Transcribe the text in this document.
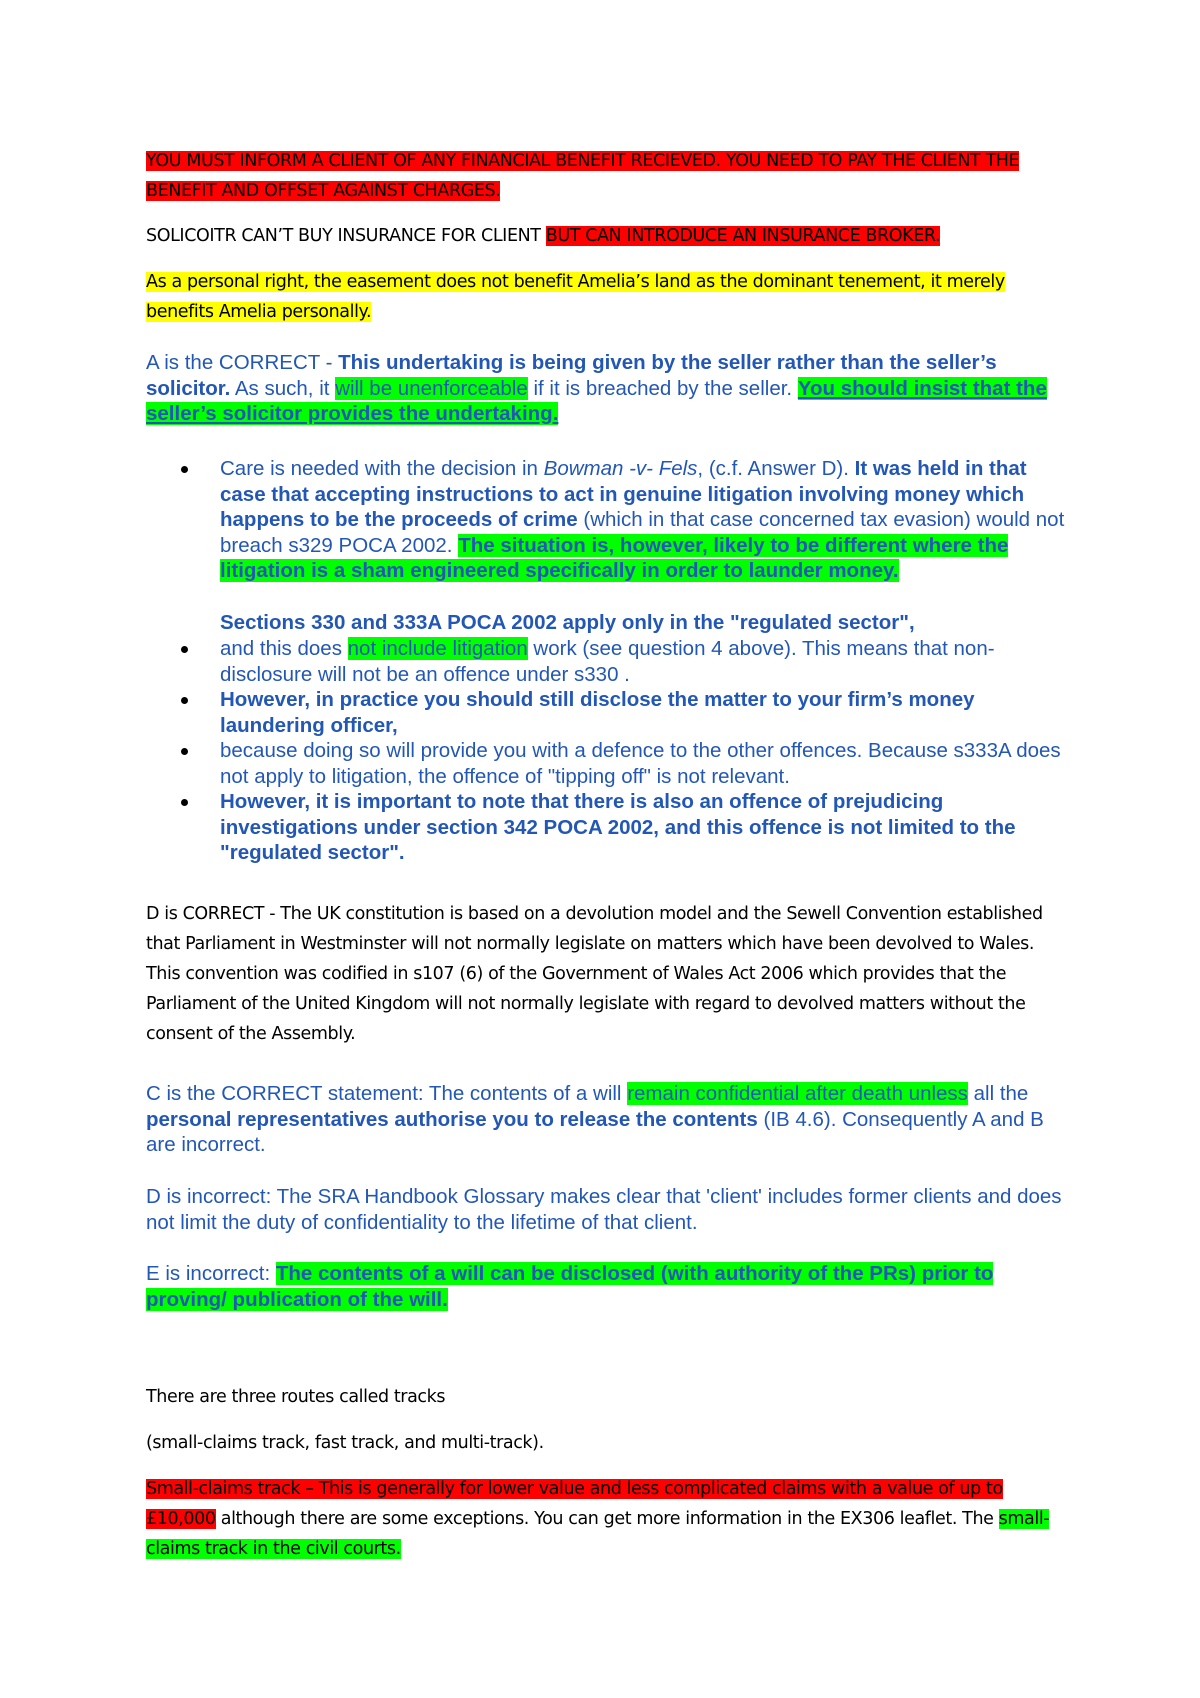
YOU MUST INFORM A CLIENT OF ANY FINANCIAL BENEFIT RECIEVED. YOU NEED TO PAY THE CLIENT THE BENEFIT AND OFFSET AGAINST CHARGES.

SOLICOITR CAN’T BUY INSURANCE FOR CLIENT BUT CAN INTRODUCE AN INSURANCE BROKER.

As a personal right, the easement does not benefit Amelia’s land as the dominant tenement, it merely benefits Amelia personally.

A is the CORRECT - This undertaking is being given by the seller rather than the seller’s solicitor. As such, it will be unenforceable if it is breached by the seller. You should insist that the seller’s solicitor provides the undertaking.

Care is needed with the decision in Bowman -v- Fels, (c.f. Answer D). It was held in that case that accepting instructions to act in genuine litigation involving money which happens to be the proceeds of crime (which in that case concerned tax evasion) would not breach s329 POCA 2002. The situation is, however, likely to be different where the litigation is a sham engineered specifically in order to launder money.

Sections 330 and 333A POCA 2002 apply only in the "regulated sector",

and this does not include litigation work (see question 4 above). This means that non-disclosure will not be an offence under s330 .
However, in practice you should still disclose the matter to your firm’s money laundering officer,
because doing so will provide you with a defence to the other offences. Because s333A does not apply to litigation, the offence of "tipping off" is not relevant.
However, it is important to note that there is also an offence of prejudicing investigations under section 342 POCA 2002, and this offence is not limited to the "regulated sector".

D is CORRECT - The UK constitution is based on a devolution model and the Sewell Convention established that Parliament in Westminster will not normally legislate on matters which have been devolved to Wales. This convention was codified in s107 (6) of the Government of Wales Act 2006 which provides that the Parliament of the United Kingdom will not normally legislate with regard to devolved matters without the consent of the Assembly.

C is the CORRECT statement: The contents of a will remain confidential after death unless all the personal representatives authorise you to release the contents (IB 4.6). Consequently A and B are incorrect.

D is incorrect: The SRA Handbook Glossary makes clear that 'client' includes former clients and does not limit the duty of confidentiality to the lifetime of that client.

E is incorrect: The contents of a will can be disclosed (with authority of the PRs) prior to proving/ publication of the will.

There are three routes called tracks

(small-claims track, fast track, and multi-track).

Small-claims track – This is generally for lower value and less complicated claims with a value of up to £10,000 although there are some exceptions. You can get more information in the EX306 leaflet. The small-claims track in the civil courts.
